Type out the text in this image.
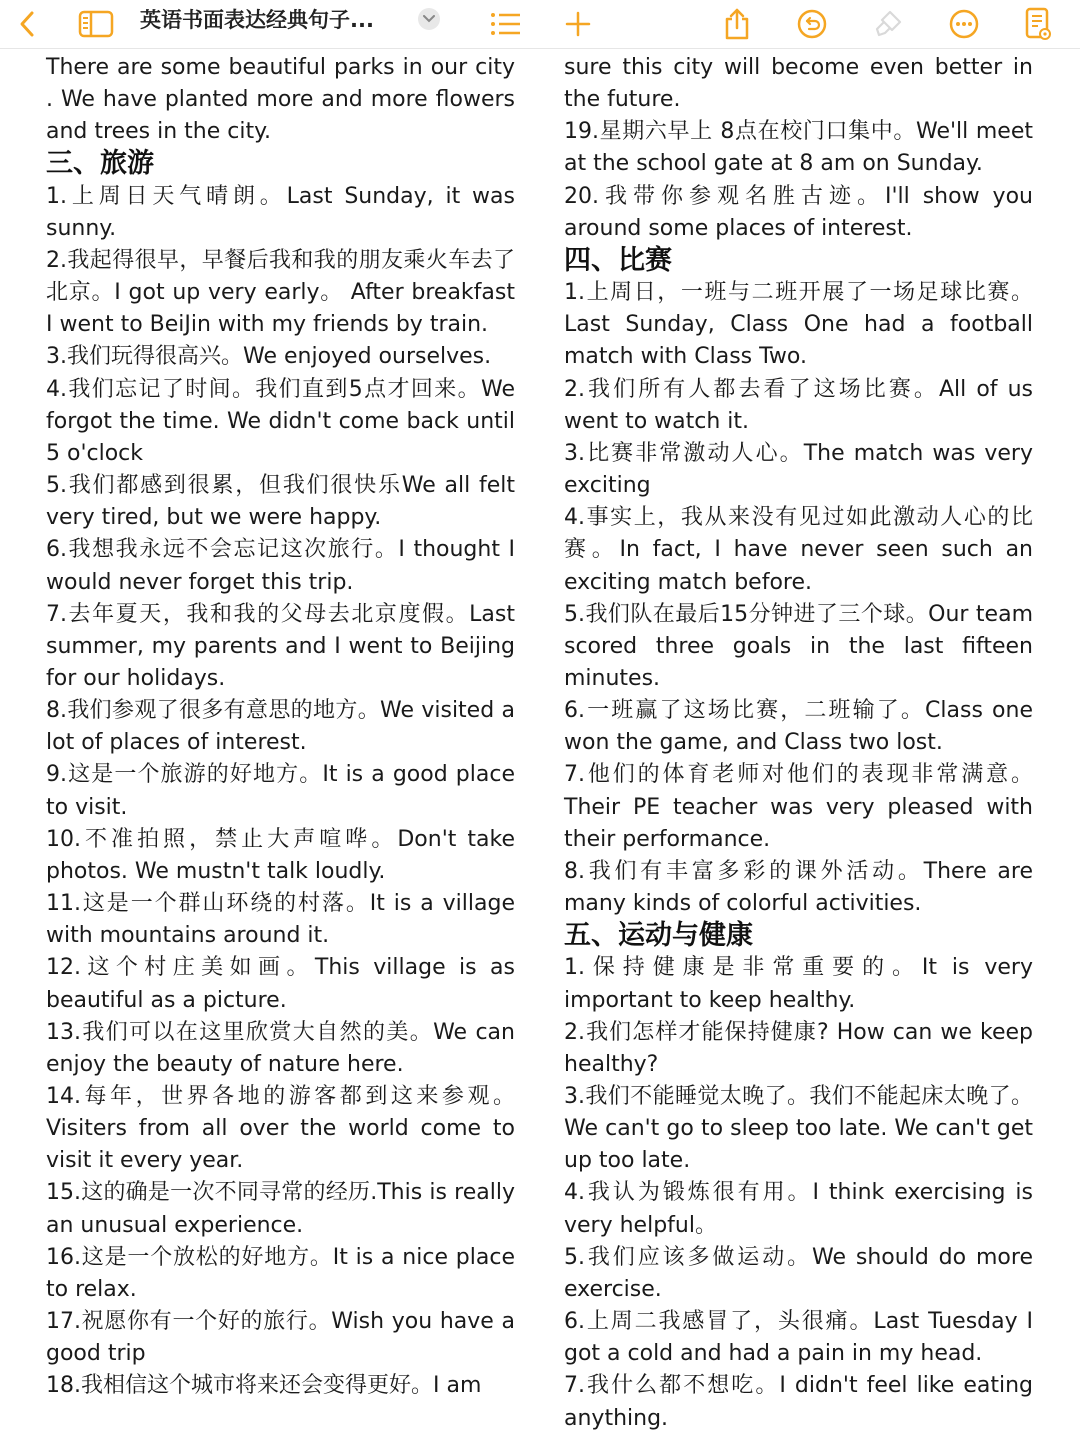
英语书面表达经典句子...

There are some beautiful parks in our city . We have planted more and more flowers and trees in the city.

三、旅游

1.上周日天气晴朗。Last Sunday, it was sunny.

2.我起得很早，早餐后我和我的朋友乘火车去了北京。I got up very early。 After breakfast I went to BeiJin with my friends by train.

3.我们玩得很高兴。We enjoyed ourselves.

4.我们忘记了时间。我们直到5点才回来。We forgot the time. We didn't come back until 5 o'clock

5.我们都感到很累，但我们很快乐We all felt very tired, but we were happy.

6.我想我永远不会忘记这次旅行。I thought I would never forget this trip.

7.去年夏天，我和我的父母去北京度假。Last summer, my parents and I went to Beijing for our holidays.

8.我们参观了很多有意思的地方。We visited a lot of places of interest.

9.这是一个旅游的好地方。It is a good place to visit.

10.不准拍照，禁止大声喧哗。Don't take photos. We mustn't talk loudly.

11.这是一个群山环绕的村落。It is a village with mountains around it.

12.这个村庄美如画。This village is as beautiful as a picture.

13.我们可以在这里欣赏大自然的美。We can enjoy the beauty of nature here.

14.每年，世界各地的游客都到这来参观。Visiters from all over the world come to visit it every year.

15.这的确是一次不同寻常的经历.This is really an unusual experience.

16.这是一个放松的好地方。It is a nice place to relax.

17.祝愿你有一个好的旅行。Wish you have a good trip

18.我相信这个城市将来还会变得更好。I am

sure this city will become even better in the future.

19.星期六早上 8点在校门口集中。We'll meet at the school gate at 8 am on Sunday.

20.我带你参观名胜古迹。I'll show you around some places of interest.

四、比赛

1.上周日，一班与二班开展了一场足球比赛。Last Sunday, Class One had a football match with Class Two.

2.我们所有人都去看了这场比赛。All of us went to watch it.

3.比赛非常激动人心。The match was very exciting

4.事实上，我从来没有见过如此激动人心的比赛。In fact, I have never seen such an exciting match before.

5.我们队在最后15分钟进了三个球。Our team scored three goals in the last fifteen minutes.

6.一班赢了这场比赛，二班输了。Class one won the game, and Class two lost.

7.他们的体育老师对他们的表现非常满意。Their PE teacher was very pleased with their performance.

8.我们有丰富多彩的课外活动。There are many kinds of colorful activities.

五、运动与健康

1.保持健康是非常重要的。It is very important to keep healthy.

2.我们怎样才能保持健康? How can we keep healthy?

3.我们不能睡觉太晚了。我们不能起床太晚了。We can't go to sleep too late. We can't get up too late.

4.我认为锻炼很有用。I think exercising is very helpful。

5.我们应该多做运动。We should do more exercise.

6.上周二我感冒了，头很痛。Last Tuesday I got a cold and had a pain in my head.

7.我什么都不想吃。I didn't feel like eating anything.
